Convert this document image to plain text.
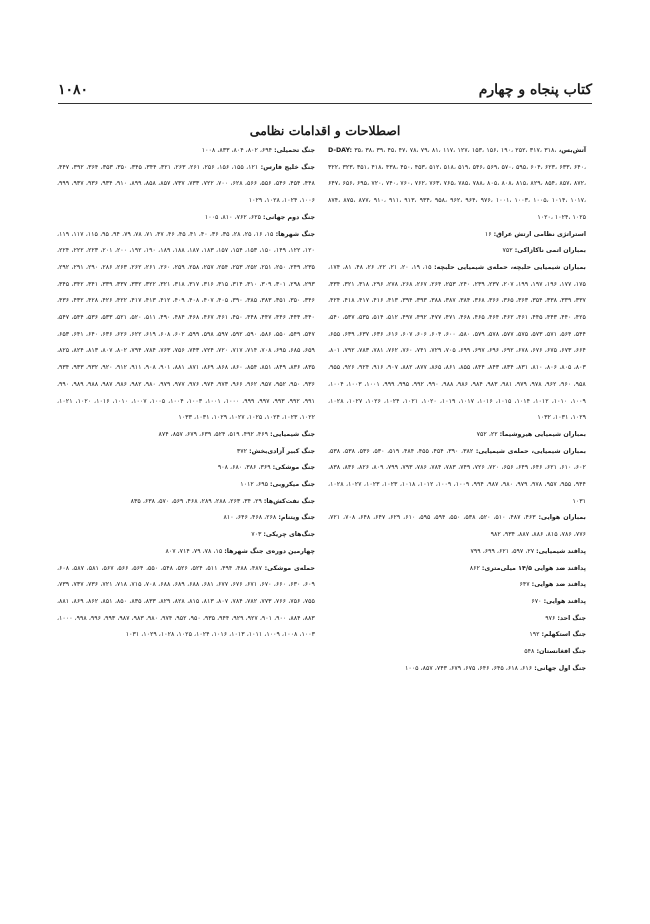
کتاب پنجاه و چهارم
۱۰۸۰
اصطلاحات و اقدامات نظامی

آتش‌بس، D-DAY: ۳۵، ۳۸، ۳۹، ۴۵، ۴۷، ۷۸، ۷۹، ۸۱، ۱۱۷، ۱۲۷، ۱۵۳، ۱۵۶، ۱۹۰، ۲۵۲، ۳۱۷، ۳۱۸، ۳۲۲، ۳۲۳، ۳۵۱، ۴۱۸، ۴۳۸، ۴۵۰، ۴۵۳، ۵۱۲، ۵۱۸، ۵۱۹، ۵۴۶، ۵۶۹، ۵۷۰، ۵۹۵، ۶۰۴، ۶۲۳، ۶۳۳، ۶۴۰، ۶۴۷، ۶۵۶، ۶۹۵، ۷۲۰، ۷۴۰، ۷۶۰، ۷۶۲، ۷۶۳، ۷۶۵، ۷۸۵، ۷۸۸، ۸۰۵، ۸۰۸، ۸۱۵، ۸۲۹، ۸۵۴، ۸۵۷، ۸۷۲، ۸۷۴، ۸۷۵، ۸۷۷، ۹۱۰، ۹۱۱، ۹۱۳، ۹۳۴، ۹۵۸، ۹۶۲، ۹۶۴، ۹۷۶، ۱۰۰۱، ۱۰۰۳، ۱۰۰۵، ۱۰۱۴، ۱۰۱۷، ۱۰۲۰، ۱۰۲۴، ۱۰۲۵

استراتژی نظامی ارتش عراق: ۱۶

بمباران اتمی ناکازاکی: ۷۵۲

بمباران شیمیایی حلبچه، حمله‌ی شیمیایی حلبچه: ۱۵، ۱۹، ۲۰، ۲۱، ۲۲، ۲۶، ۴۸، ۸۱، ۱۷۴، ۱۷۵، ۱۷۷، ۱۹۶، ۱۹۷، ۱۹۹، ۲۰۷، ۲۳۷، ۲۳۹، ۲۴۰، ۲۵۳، ۲۶۴، ۲۶۷، ۲۶۸، ۲۷۸، ۲۹۶، ۳۱۸، ۳۲۱، ۳۳۴، ۳۳۷، ۳۳۹، ۳۳۸، ۳۵۴، ۳۶۳، ۳۶۵، ۳۶۶، ۳۶۸، ۳۸۴، ۳۸۷، ۳۸۸، ۳۹۳، ۳۹۴، ۴۱۳، ۴۱۶، ۴۱۷، ۴۱۸، ۴۲۴، ۴۲۵، ۴۴۰، ۴۴۳، ۴۴۵، ۴۶۱، ۴۶۲، ۴۶۴، ۴۶۵، ۴۶۸، ۴۷۱، ۴۷۷، ۴۹۲، ۴۹۷، ۵۱۲، ۵۱۴، ۵۳۵، ۵۳۷، ۵۴۰، ۵۴۴، ۵۶۴، ۵۷۱، ۵۷۳، ۵۷۵، ۵۷۷، ۵۷۸، ۵۷۹، ۵۸۰، ۶۰۰، ۶۰۴، ۶۰۶، ۶۰۷، ۶۱۶، ۶۳۶، ۶۳۷، ۶۳۹، ۶۵۵، ۶۶۴، ۶۷۳، ۶۷۵، ۶۷۶، ۶۷۸، ۶۹۲، ۶۹۶، ۶۹۷، ۶۹۹، ۷۰۵، ۷۲۹، ۷۴۱، ۷۶۰، ۷۶۲، ۷۸۱، ۷۸۳، ۷۹۲، ۸۰۱، ۸۰۳، ۸۰۵، ۸۰۶، ۸۱۰، ۸۳۱، ۸۳۴، ۸۴۳، ۸۴۴، ۸۵۵، ۸۶۱، ۸۶۵، ۸۷۷، ۸۸۲، ۹۰۷، ۹۱۶، ۹۲۴، ۹۲۶، ۹۵۵، ۹۵۸، ۹۶۰، ۹۶۲، ۹۷۸، ۹۷۹، ۹۸۱، ۹۸۳، ۹۸۴، ۹۸۶، ۹۸۸، ۹۹۰، ۹۹۲، ۹۹۵، ۹۹۹، ۱۰۰۱، ۱۰۰۳، ۱۰۰۴، ۱۰۰۹، ۱۰۱۰، ۱۰۱۲، ۱۰۱۴، ۱۰۱۵، ۱۰۱۶، ۱۰۱۷، ۱۰۱۹، ۱۰۲۰، ۱۰۲۱، ۱۰۲۴، ۱۰۲۶، ۱۰۲۷، ۱۰۲۸، ۱۰۲۹، ۱۰۳۱، ۱۰۳۲

بمباران شیمیایی هیروشیما: ۲۲، ۷۵۲

بمباران شیمیایی، حمله‌ی شیمیایی: ۳۸۲، ۳۹۰، ۴۵۴، ۴۵۵، ۴۸۴، ۵۱۹، ۵۳۰، ۵۳۶، ۵۳۸، ۵۳۸، ۶۰۲، ۶۱۰، ۶۲۱، ۶۴۶، ۶۴۹، ۶۵۶، ۷۲۰، ۷۲۶، ۷۴۹، ۷۸۳، ۷۸۴، ۷۸۶، ۷۹۳، ۷۹۹، ۸۰۹، ۸۲۶، ۸۳۶، ۸۳۸، ۹۴۴، ۹۵۵، ۹۵۷، ۹۷۸، ۹۷۹، ۹۸۰، ۹۸۷، ۹۹۴، ۱۰۰۹، ۱۰۰۹، ۱۰۱۲، ۱۰۱۸، ۱۰۲۳، ۱۰۲۳، ۱۰۲۷، ۱۰۲۸، ۱۰۳۱

بمباران هوایی: ۴۶۳، ۴۸۷، ۵۱۰، ۵۲۰، ۵۳۸، ۵۵۰، ۵۹۴، ۵۹۵، ۶۱۰، ۶۲۹، ۶۴۷، ۶۴۸، ۷۰۸، ۷۲۱، ۷۷۶، ۷۸۶، ۸۱۵، ۸۸۶، ۸۸۷، ۹۳۴، ۹۸۲

پدافند شیمیایی: ۲۷، ۵۹۷، ۶۲۱، ۶۹۹، ۷۹۹

پدافند ضد هوایی ۱۴/۵ میلی‌متری: ۸۶۲

پدافند ضد هوایی: ۶۴۷

پدافند هوایی: ۶۷۰

جنگ احد: ۹۷۶

جنگ استکهلم: ۱۹۲

جنگ افغانستان: ۵۴۸

جنگ اول جهانی: ۶۱۶، ۶۱۸، ۶۴۵، ۶۴۶، ۶۷۵، ۶۷۹، ۷۴۳، ۸۵۷، ۱۰۰۵

جنگ تحمیلی: ۶۹۴، ۸۰۲، ۸۰۴، ۸۳۳، ۱۰۰۸

جنگ خلیج فارس: ۱۲۱، ۱۵۵، ۱۵۶، ۲۵۶، ۲۶۱، ۲۶۳، ۳۲۱، ۳۴۴، ۳۴۵، ۳۵۰، ۳۵۳، ۳۶۴، ۳۹۲، ۴۴۷، ۴۴۸، ۴۵۴، ۵۴۶، ۵۵۶، ۵۶۶، ۶۲۸، ۷۰۰، ۷۲۲، ۷۳۳، ۷۳۷، ۸۵۷، ۸۵۸، ۸۹۹، ۹۱۰، ۹۳۴، ۹۳۶، ۹۳۷، ۹۹۹، ۱۰۰۶، ۱۰۲۴، ۱۰۲۸، ۱۰۲۹

جنگ دوم جهانی: ۶۲۵، ۷۶۲، ۸۱۰، ۱۰۰۵

جنگ شهرها: ۱۵، ۱۶، ۲۵، ۲۸، ۳۵، ۳۶، ۴۰، ۴۱، ۴۵، ۴۶، ۴۷، ۷۱، ۷۸، ۷۹، ۹۴، ۹۵، ۱۱۵، ۱۱۷، ۱۱۹، ۱۲۰، ۱۲۲، ۱۴۹، ۱۵۰، ۱۵۳، ۱۵۴، ۱۵۷، ۱۸۳، ۱۸۷، ۱۸۸، ۱۸۹، ۱۹۰، ۱۹۲، ۲۰۰، ۲۰۱، ۲۲۳، ۲۲۲، ۲۲۴، ۲۳۵، ۲۴۹، ۲۵۰، ۲۵۱، ۲۵۲، ۲۵۳، ۲۵۴، ۲۵۷، ۲۵۸، ۲۵۹، ۲۶۰، ۲۶۱، ۲۶۲، ۲۶۳، ۲۸۶، ۲۹۰، ۲۹۱، ۲۹۲، ۲۹۳، ۲۹۸، ۳۰۱، ۳۰۹، ۳۱۰، ۳۱۴، ۳۱۵، ۳۱۶، ۳۱۷، ۳۱۸، ۳۲۱، ۳۲۲، ۳۳۲، ۳۳۷، ۳۳۹، ۳۴۱، ۳۴۲، ۳۴۵، ۳۴۶، ۳۵۰، ۳۵۱، ۳۸۳، ۳۸۵، ۳۹۰، ۴۰۵، ۴۰۷، ۴۰۸، ۴۰۹، ۴۱۲، ۴۱۳، ۴۱۷، ۴۲۲، ۴۲۶، ۴۲۸، ۴۳۲، ۴۳۶، ۴۴۰، ۴۴۴، ۴۴۶، ۴۴۷، ۴۴۸، ۴۵۰، ۴۶۱، ۴۶۷، ۴۶۸، ۴۸۴، ۴۹۰، ۵۱۱، ۵۲۰، ۵۲۱، ۵۳۳، ۵۳۶، ۵۴۴، ۵۴۷، ۵۴۷، ۵۴۹، ۵۵۰، ۵۸۶، ۵۹۰، ۵۹۲، ۵۹۷، ۵۹۸، ۵۹۹، ۶۰۲، ۶۰۸، ۶۱۹، ۶۲۲، ۶۲۶، ۶۳۶، ۶۴۰، ۶۴۱، ۶۵۳، ۶۵۹، ۶۸۵، ۶۹۵، ۷۰۸، ۷۱۴، ۷۱۷، ۷۲۰، ۷۲۴، ۷۴۳، ۷۵۶، ۷۶۳، ۷۸۴، ۷۹۴، ۸۰۲، ۸۰۷، ۸۱۳، ۸۲۴، ۸۲۵، ۸۳۵، ۸۳۶، ۸۴۹، ۸۵۱، ۸۵۴، ۸۶۰، ۸۶۸، ۸۶۹، ۸۷۱، ۸۸۱، ۹۰۱، ۹۰۸، ۹۱۱، ۹۱۲، ۹۲۰، ۹۳۲، ۹۳۳، ۹۳۴، ۹۳۶، ۹۵۰، ۹۵۲، ۹۵۷، ۹۶۲، ۹۶۶، ۹۷۳، ۹۷۴، ۹۷۶، ۹۷۷، ۹۷۹، ۹۸۰، ۹۸۲، ۹۸۶، ۹۸۷، ۹۸۸، ۹۸۹، ۹۹۰، ۹۹۱، ۹۹۲، ۹۹۳، ۹۹۷، ۹۹۹، ۱۰۰۰، ۱۰۰۱، ۱۰۰۳، ۱۰۰۴، ۱۰۰۵، ۱۰۰۷، ۱۰۱۰، ۱۰۱۶، ۱۰۲۰، ۱۰۲۱، ۱۰۲۲، ۱۰۲۳، ۱۰۲۴، ۱۰۲۵، ۱۰۲۷، ۱۰۲۹، ۱۰۳۱، ۱۰۳۳

جنگ شیمیایی: ۴۶۹، ۴۹۲، ۵۱۹، ۵۲۴، ۶۳۹، ۶۷۹، ۸۵۷، ۸۷۴

جنگ کبیر آزادی‌بخش: ۳۷۲

جنگ موشکی: ۳۶۹، ۳۸۶، ۶۸۰، ۹۰۸

جنگ میکروبی: ۶۹۵، ۱۰۱۲

جنگ نفت‌کش‌ها: ۲۹، ۳۴، ۲۶۳، ۲۸۸، ۲۸۹، ۴۶۸، ۵۶۹، ۵۷۰، ۶۳۸، ۸۳۵

جنگ ویتنام: ۲۶۸، ۴۶۸، ۶۴۶، ۸۱۰

جنگ‌های چریکی: ۷۰۳

چهارمین دوره‌ی جنگ شهرها: ۱۵، ۷۸، ۷۹، ۷۱۴، ۸۰۷

حمله‌ی موشکی: ۴۸۷، ۴۸۸، ۴۹۴، ۵۱۱، ۵۲۴، ۵۲۶، ۵۴۸، ۵۵۰، ۵۶۴، ۵۶۶، ۵۶۷، ۵۸۱، ۵۸۷، ۶۰۸، ۶۰۹، ۶۳۰، ۶۶۰، ۶۷۰، ۶۷۱، ۶۷۶، ۶۷۷، ۶۸۱، ۶۸۸، ۶۸۹، ۶۸۸، ۷۰۸، ۷۱۵، ۷۱۸، ۷۲۱، ۷۳۶، ۷۳۷، ۷۳۹، ۷۵۵، ۷۵۶، ۷۶۶، ۷۷۳، ۷۸۲، ۷۸۴، ۸۰۷، ۸۱۳، ۸۱۵، ۸۲۸، ۸۲۹، ۸۳۳، ۸۳۵، ۸۵۰، ۸۵۱، ۸۶۲، ۸۶۹، ۸۸۱، ۸۸۳، ۸۸۴، ۹۰۰، ۹۰۱، ۹۲۷، ۹۲۹، ۹۴۴، ۹۳۵، ۹۵۰، ۹۵۲، ۹۷۴، ۹۸۰، ۹۸۳، ۹۸۷، ۹۹۳، ۹۹۶، ۹۹۸، ۱۰۰۰، ۱۰۰۳، ۱۰۰۸، ۱۰۰۹، ۱۰۱۱، ۱۰۱۳، ۱۰۱۶، ۱۰۲۴، ۱۰۲۵، ۱۰۲۸، ۱۰۲۹، ۱۰۳۱
